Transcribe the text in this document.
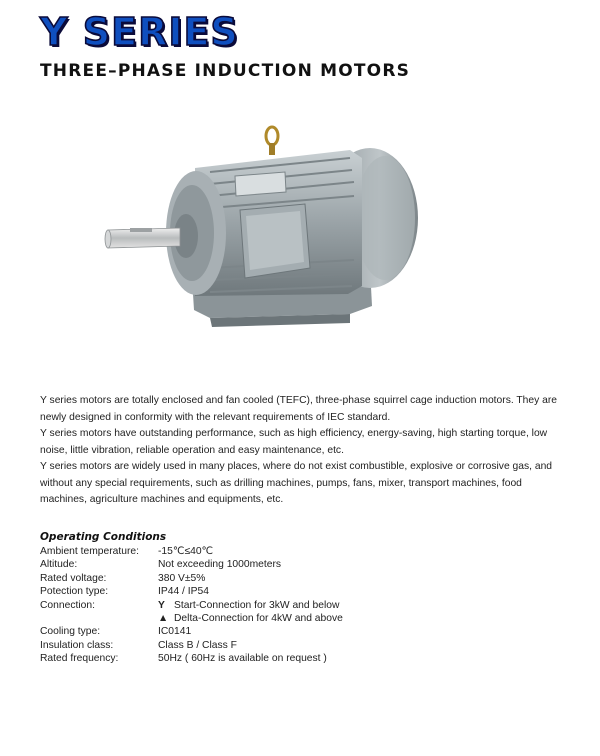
Y SERIES
THREE–PHASE INDUCTION MOTORS

Y series motors are totally enclosed and fan cooled (TEFC), three-phase squirrel cage induction motors. They are newly designed in conformity with the relevant requirements of IEC standard.

Y series motors have outstanding performance, such as high efficiency, energy-saving, high starting torque, low noise, little vibration, reliable operation and easy maintenance, etc.

Y series motors are widely used in many places, where do not exist combustible, explosive or corrosive gas, and without any special requirements, such as drilling machines, pumps, fans, mixer, transport machines, food machines, agriculture machines and equipments, etc.

Operating Conditions
Ambient temperature: -15℃≤40℃
Altitude:	Not exceeding 1000meters
Rated voltage:	380 V±5%
Potection type:	IP44 / IP54
Connection:	Y Start-Connection for 3kW and below
▲ Delta-Connection for 4kW and above
Cooling type:	IC0141
Insulation class:	Class B / Class F
Rated frequency:	50Hz ( 60Hz is available on request )
